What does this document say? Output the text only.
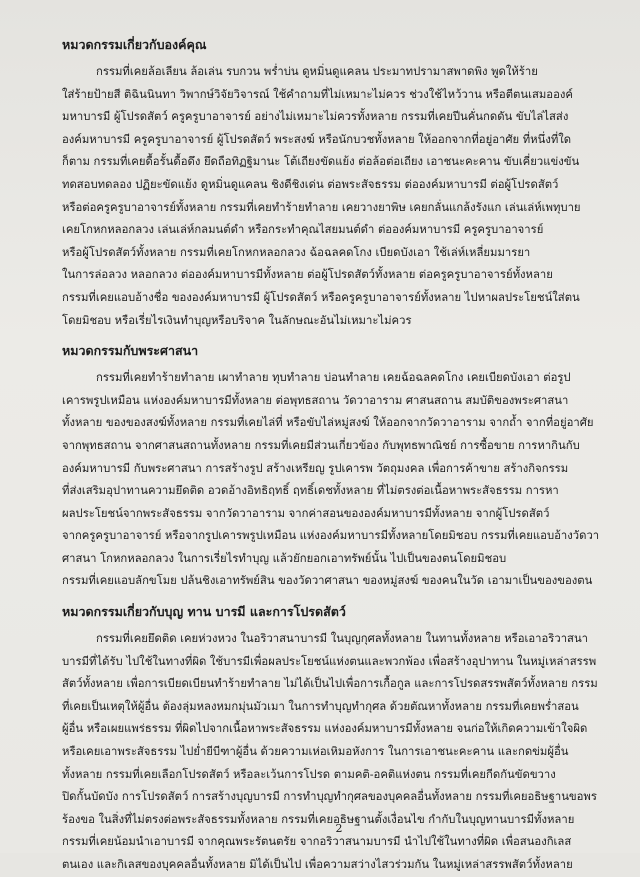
หมวดกรรมเกี่ยวกับองค์คุณ
กรรมที่เคยล้อเลียน ล้อเล่น รบกวน พร่ำบ่น ดูหมิ่นดูแคลน ประมาทปรามาสพาดพิง พูดให้ร้าย
ใส่ร้ายป้ายสี ติฉินนินทา วิพากษ์วิจัยวิจารณ์ ใช้คำถามที่ไม่เหมาะไม่ควร ช่วงใช้ไหว้วาน หรือตีตนเสมอองค์
มหาบารมี ผู้โปรดสัตว์ ครูครูบาอาจารย์ อย่างไม่เหมาะไม่ควรทั้งหลาย กรรมที่เคยปีนคั่นกดดัน ขับไล่ไสส่ง
องค์มหาบารมี ครูครูบาอาจารย์ ผู้โปรดสัตว์ พระสงฆ์ หรือนักบวชทั้งหลาย ให้ออกจากที่อยู่อาศัย ที่หนึ่งที่ใด
ก็ตาม กรรมที่เคยดื้อรั้นดื้อดึง ยึดถือทิฏฐิมานะ โต้เถียงขัดแย้ง ต่อล้อต่อเถียง เอาชนะคะคาน ขับเคี่ยวแข่งขัน
ทดสอบทดลอง ปฏิยะขัดแย้ง ดูหมิ่นดูแคลน ชิงดีชิงเด่น ต่อพระสัจธรรม ต่อองค์มหาบารมี ต่อผู้โปรดสัตว์
หรือต่อครูครูบาอาจารย์ทั้งหลาย กรรมที่เคยทำร้ายทำลาย เคยวางยาพิษ เคยกลั่นแกล้งรังแก เล่นเล่ห์เพทุบาย
เคยโกหกหลอกลวง เล่นเล่ห์กลมนต์ดำ หรือกระทำคุณไสยมนต์ดำ ต่อองค์มหาบารมี ครูครูบาอาจารย์
หรือผู้โปรดสัตว์ทั้งหลาย กรรมที่เคยโกหกหลอกลวง ฉ้อฉลคดโกง เบียดบังเอา ใช้เล่ห์เหลี่ยมมารยา
ในการล่อลวง หลอกลวง ต่อองค์มหาบารมีทั้งหลาย ต่อผู้โปรดสัตว์ทั้งหลาย ต่อครูครูบาอาจารย์ทั้งหลาย
กรรมที่เคยแอบอ้างชื่อ ขององค์มหาบารมี ผู้โปรดสัตว์ หรือครูครูบาอาจารย์ทั้งหลาย ไปหาผลประโยชน์ใส่ตน
โดยมิชอบ หรือเรี่ยไรเงินทำบุญหรือบริจาค ในลักษณะอันไม่เหมาะไม่ควร
หมวดกรรมกับพระศาสนา
กรรมที่เคยทำร้ายทำลาย เผาทำลาย ทุบทำลาย บ่อนทำลาย เคยฉ้อฉลคดโกง เคยเบียดบังเอา ต่อรูป
เคารพรูปเหมือน แห่งองค์มหาบารมีทั้งหลาย ต่อพุทธสถาน วัดวาอาราม ศาสนสถาน สมบัติของพระศาสนา
ทั้งหลาย ของของสงฆ์ทั้งหลาย กรรมที่เคยไล่ที่ หรือขับไล่หมู่สงฆ์ ให้ออกจากวัดวาอาราม จากถ้ำ จากที่อยู่อาศัย
จากพุทธสถาน จากศาสนสถานทั้งหลาย กรรมที่เคยมีส่วนเกี่ยวข้อง กับพุทธพาณิชย์ การซื้อขาย การหากินกับ
องค์มหาบารมี กับพระศาสนา การสร้างรูป สร้างเหรียญ รูปเคารพ วัตถุมงคล เพื่อการค้าขาย สร้างกิจกรรม
ที่ส่งเสริมอุปาทานความยึดติด อวดอ้างอิทธิฤทธิ์ ฤทธิ์เดชทั้งหลาย ที่ไม่ตรงต่อเนื้อหาพระสัจธรรม การหา
ผลประโยชน์จากพระสัจธรรม จากวัดวาอาราม จากค่าสอนขององค์มหาบารมีทั้งหลาย จากผู้โปรดสัตว์
จากครูครูบาอาจารย์ หรือจากรูปเคารพรูปเหมือน แห่งองค์มหาบารมีทั้งหลายโดยมิชอบ กรรมที่เคยแอบอ้างวัดวา
ศาสนา โกหกหลอกลวง ในการเรี่ยไรทำบุญ แล้วยักยอกเอาทรัพย์นั้น ไปเป็นของตนโดยมิชอบ
กรรมที่เคยแอบลักขโมย ปล้นชิงเอาทรัพย์สิน ของวัดวาศาสนา ของหมู่สงฆ์ ของคนในวัด เอามาเป็นของของตน
หมวดกรรมเกี่ยวกับบุญ ทาน บารมี และการโปรดสัตว์
กรรมที่เคยยึดติด เคยห่วงหวง ในอริวาสนาบารมี ในบุญกุศลทั้งหลาย ในทานทั้งหลาย หรือเอาอริวาสนา
บารมีที่ได้รับ ไปใช้ในทางที่ผิด ใช้บารมีเพื่อผลประโยชน์แห่งตนและพวกพ้อง เพื่อสร้างอุปาทาน ในหมู่เหล่าสรรพ
สัตว์ทั้งหลาย เพื่อการเบียดเบียนทำร้ายทำลาย ไม่ได้เป็นไปเพื่อการเกื้อกูล และการโปรดสรรพสัตว์ทั้งหลาย กรรม
ที่เคยเป็นเหตุให้ผู้อื่น ต้องลุ่มหลงหมกมุ่นมัวเมา ในการทำบุญทำกุศล ด้วยตัณหาทั้งหลาย กรรมที่เคยพร่ำสอน
ผู้อื่น หรือเผยแพร่ธรรม ที่ผิดไปจากเนื้อหาพระสัจธรรม แห่งองค์มหาบารมีทั้งหลาย จนก่อให้เกิดความเข้าใจผิด
หรือเคยเอาพระสัจธรรม ไปย่ำยีบีฑาผู้อื่น ด้วยความเห่อเหิมอหังการ ในการเอาชนะคะคาน และกดข่มผู้อื่น
ทั้งหลาย กรรมที่เคยเลือกโปรดสัตว์ หรือละเว้นการโปรด ตามคติ-อคติแห่งตน กรรมที่เคยกีดกันขัดขวาง
ปิดกั้นบัดบัง การโปรดสัตว์ การสร้างบุญบารมี การทำบุญทำกุศลของบุคคลอื่นทั้งหลาย กรรมที่เคยอธิษฐานขอพร
ร้องขอ ในสิ่งที่ไม่ตรงต่อพระสัจธรรมทั้งหลาย กรรมที่เคยอธิษฐานตั้งเงื่อนไข กำกับในบุญทานบารมีทั้งหลาย
กรรมที่เคยน้อมนำเอาบารมี จากคุณพระรัตนตรัย จากอริวาสนามบารมี นำไปใช้ในทางที่ผิด เพื่อสนองกิเลส
ตนเอง และกิเลสของบุคคลอื่นทั้งหลาย มิได้เป็นไป เพื่อความสว่างไสวร่วมกัน ในหมู่เหล่าสรรพสัตว์ทั้งหลาย
2
